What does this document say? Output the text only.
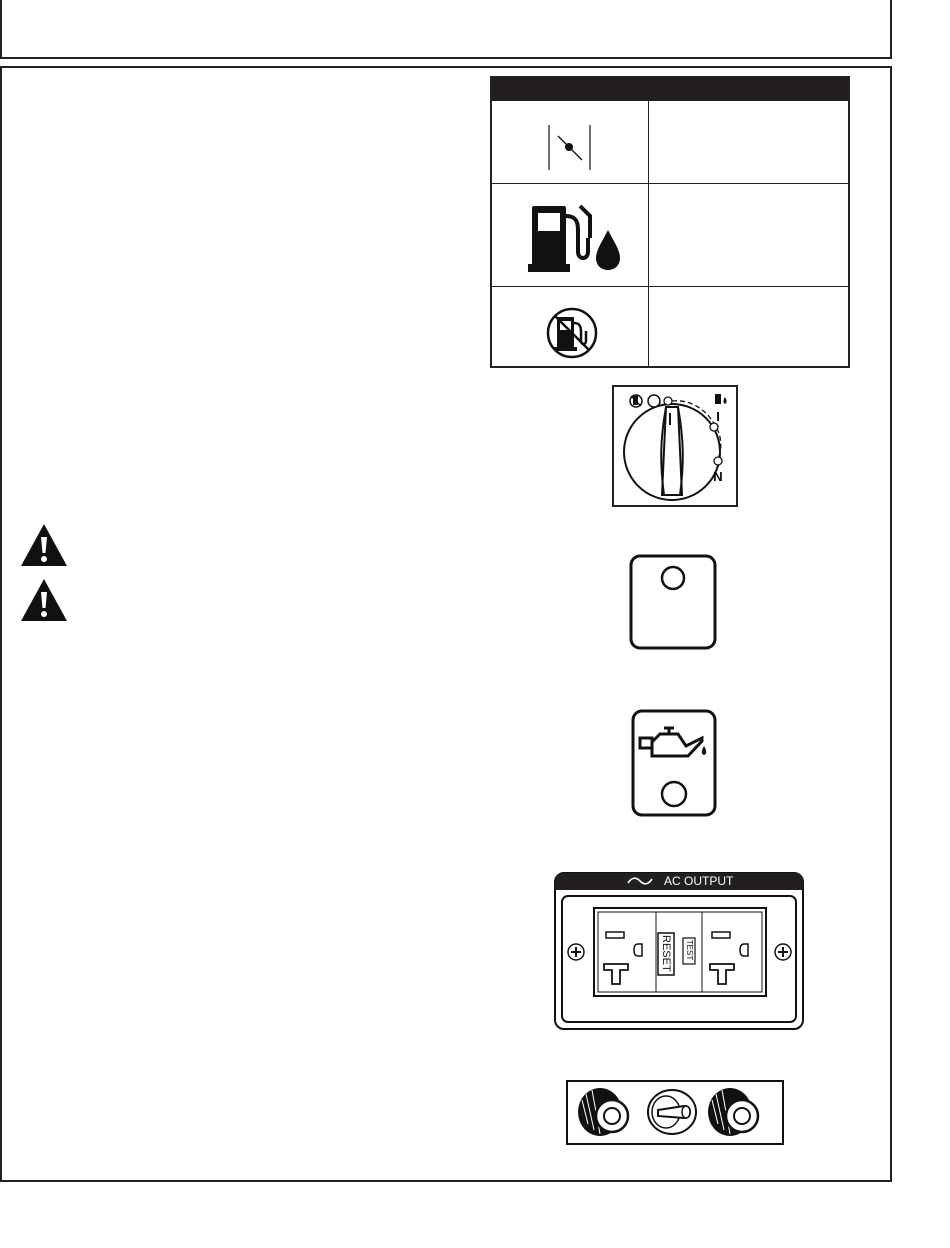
I
N
AC OUTPUT
RESET TEST
